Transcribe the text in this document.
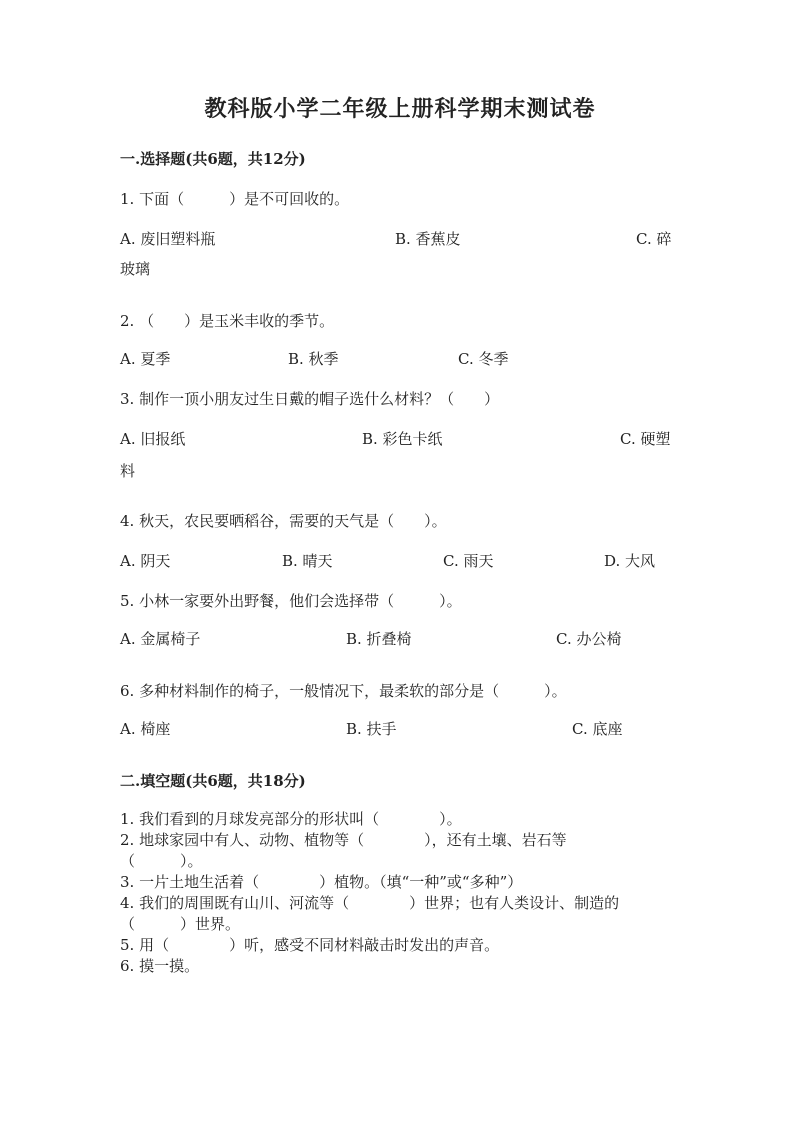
教科版小学二年级上册科学期末测试卷
一.选择题(共6题，共12分)
1. 下面（　　　）是不可回收的。
A. 废旧塑料瓶	B. 香蕉皮	C. 碎
玻璃
2. （　　）是玉米丰收的季节。
A. 夏季	B. 秋季	C. 冬季
3. 制作一顶小朋友过生日戴的帽子选什么材料？（　　）
A. 旧报纸	B. 彩色卡纸	C. 硬塑
料
4. 秋天，农民要晒稻谷，需要的天气是（　　）。
A. 阴天	B. 晴天	C. 雨天	D. 大风
5. 小林一家要外出野餐，他们会选择带（　　　）。
A. 金属椅子	B. 折叠椅	C. 办公椅
6. 多种材料制作的椅子，一般情况下，最柔软的部分是（　　　）。
A. 椅座	B. 扶手	C. 底座
二.填空题(共6题，共18分)
1. 我们看到的月球发亮部分的形状叫（　　　　）。
2. 地球家园中有人、动物、植物等（　　　　），还有土壤、岩石等
（　　　）。
3. 一片土地生活着（　　　　）植物。（填“一种”或“多种”）
4. 我们的周围既有山川、河流等（　　　　）世界；也有人类设计、制造的
（　　　）世界。
5. 用（　　　　）听，感受不同材料敲击时发出的声音。
6. 摸一摸。
